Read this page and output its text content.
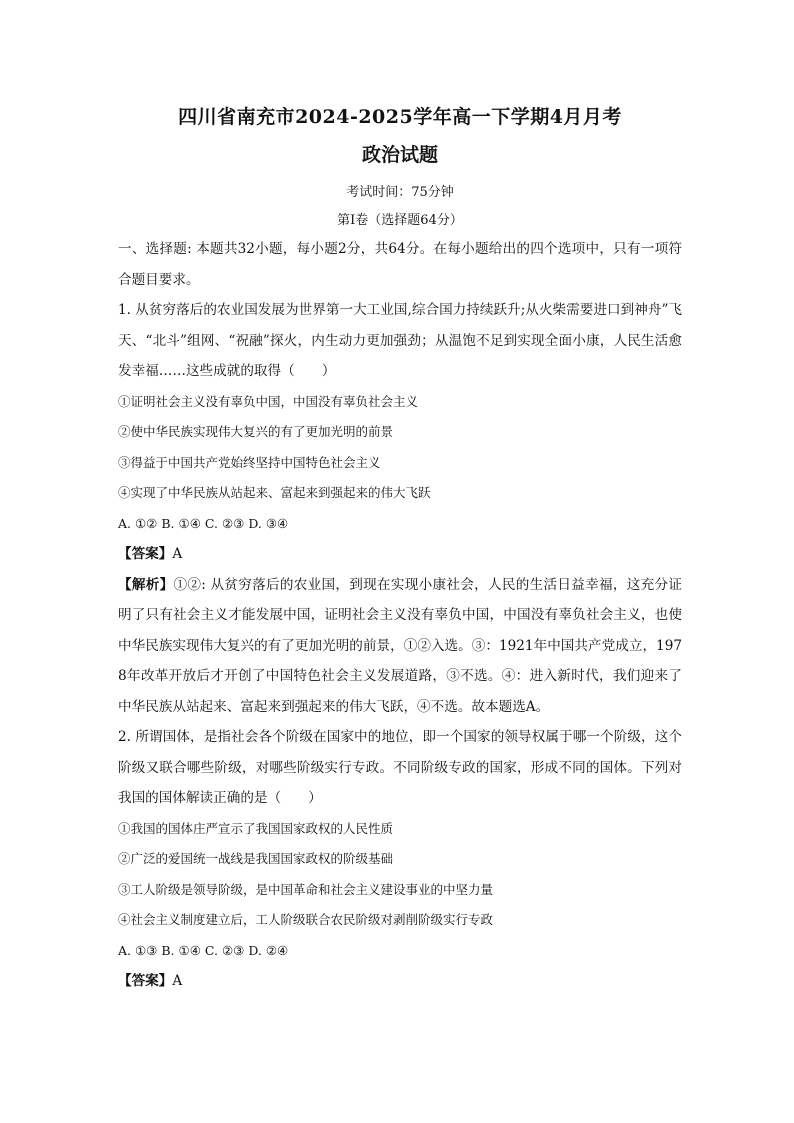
四川省南充市2024-2025学年高一下学期4月月考
政治试题

考试时间：75分钟

第Ⅰ卷（选择题64分）

一、选择题: 本题共32小题，每小题2分，共64分。在每小题给出的四个选项中，只有一项符合题目要求。

1. 从贫穷落后的农业国发展为世界第一大工业国,综合国力持续跃升;从火柴需要进口到神舟”飞天、“北斗”组网、“祝融”探火，内生动力更加强劲；从温饱不足到实现全面小康，人民生活愈发幸福……这些成就的取得（　　）

①证明社会主义没有辜负中国，中国没有辜负社会主义

②使中华民族实现伟大复兴的有了更加光明的前景

③得益于中国共产党始终坚持中国特色社会主义

④实现了中华民族从站起来、富起来到强起来的伟大飞跃

A. ①② B. ①④ C. ②③ D. ③④

【答案】A

【解析】①②: 从贫穷落后的农业国，到现在实现小康社会，人民的生活日益幸福，这充分证明了只有社会主义才能发展中国，证明社会主义没有辜负中国，中国没有辜负社会主义，也使中华民族实现伟大复兴的有了更加光明的前景，①②入选。③：1921年中国共产党成立，1978年改革开放后才开创了中国特色社会主义发展道路，③不选。④：进入新时代，我们迎来了中华民族从站起来、富起来到强起来的伟大飞跃，④不选。故本题选A。

2. 所谓国体，是指社会各个阶级在国家中的地位，即一个国家的领导权属于哪一个阶级，这个阶级又联合哪些阶级，对哪些阶级实行专政。不同阶级专政的国家，形成不同的国体。下列对我国的国体解读正确的是（　　）

①我国的国体庄严宣示了我国国家政权的人民性质

②广泛的爱国统一战线是我国国家政权的阶级基础

③工人阶级是领导阶级，是中国革命和社会主义建设事业的中坚力量

④社会主义制度建立后，工人阶级联合农民阶级对剥削阶级实行专政

A. ①③ B. ①④ C. ②③ D. ②④

【答案】A
